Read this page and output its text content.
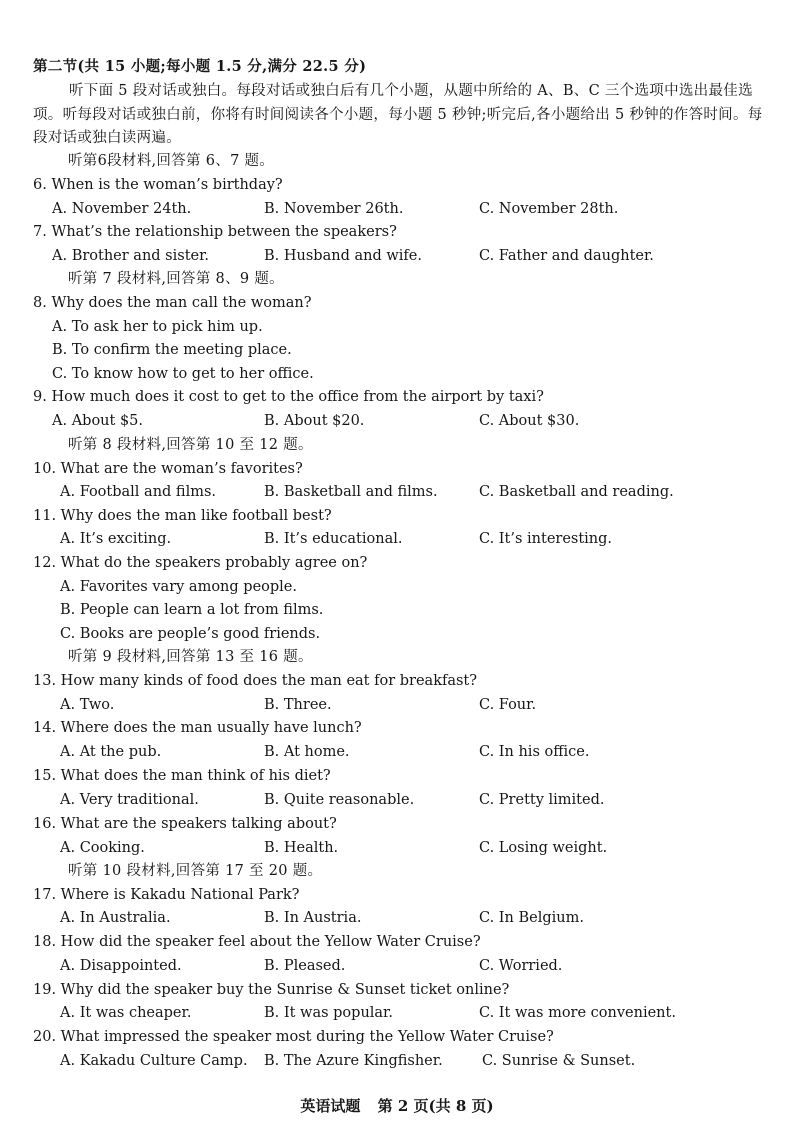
第二节(共 15 小题;每小题 1.5 分,满分 22.5 分)
听下面 5 段对话或独白。每段对话或独白后有几个小题，从题中所给的 A、B、C 三个选项中选出最佳选项。听每段对话或独白前，你将有时间阅读各个小题，每小题 5 秒钟;听完后,各小题给出 5 秒钟的作答时间。每段对话或独白读两遍。
听第6段材料,回答第 6、7 题。
6. When is the woman’s birthday?
A. November 24th.	B. November 26th.	C. November 28th.
7. What’s the relationship between the speakers?
A. Brother and sister.	B. Husband and wife.	C. Father and daughter.
听第 7 段材料,回答第 8、9 题。
8. Why does the man call the woman?
A. To ask her to pick him up.
B. To confirm the meeting place.
C. To know how to get to her office.
9. How much does it cost to get to the office from the airport by taxi?
A. About $5.	B. About $20.	C. About $30.
听第 8 段材料,回答第 10 至 12 题。
10. What are the woman’s favorites?
A. Football and films.	B. Basketball and films.	C. Basketball and reading.
11. Why does the man like football best?
A. It’s exciting.	B. It’s educational.	C. It’s interesting.
12. What do the speakers probably agree on?
A. Favorites vary among people.
B. People can learn a lot from films.
C. Books are people’s good friends.
听第 9 段材料,回答第 13 至 16 题。
13. How many kinds of food does the man eat for breakfast?
A. Two.	B. Three.	C. Four.
14. Where does the man usually have lunch?
A. At the pub.	B. At home.	C. In his office.
15. What does the man think of his diet?
A. Very traditional.	B. Quite reasonable.	C. Pretty limited.
16. What are the speakers talking about?
A. Cooking.	B. Health.	C. Losing weight.
听第 10 段材料,回答第 17 至 20 题。
17. Where is Kakadu National Park?
A. In Australia.	B. In Austria.	C. In Belgium.
18. How did the speaker feel about the Yellow Water Cruise?
A. Disappointed.	B. Pleased.	C. Worried.
19. Why did the speaker buy the Sunrise & Sunset ticket online?
A. It was cheaper.	B. It was popular.	C. It was more convenient.
20. What impressed the speaker most during the Yellow Water Cruise?
A. Kakadu Culture Camp. B. The Azure Kingfisher.	C. Sunrise & Sunset.
英语试题 第 2 页(共 8 页)
